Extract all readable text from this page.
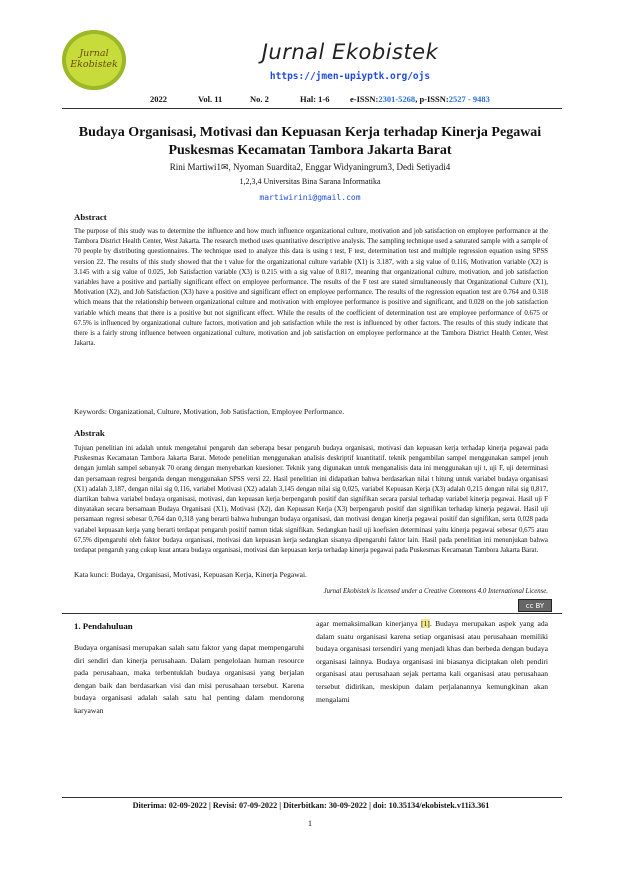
Jurnal
Ekobistek
Jurnal Ekobistek
https://jmen-upiyptk.org/ojs
2022	Vol. 11	No. 2	Hal: 1-6	e-ISSN:2301-5268, p-ISSN:2527 - 9483
Budaya Organisasi, Motivasi dan Kepuasan Kerja terhadap Kinerja Pegawai Puskesmas Kecamatan Tambora Jakarta Barat
Rini Martiwi1✉, Nyoman Suardita2, Enggar Widyaningrum3, Dedi Setiyadi4
1,2,3,4 Universitas Bina Sarana Informatika
martiwirini@gmail.com
Abstract
The purpose of this study was to determine the influence and how much influence organizational culture, motivation and job satisfaction on employee performance at the Tambora District Health Center, West Jakarta. The research method uses quantitative descriptive analysis. The sampling technique used a saturated sample with a sample of 70 people by distributing questionnaires. The technique used to analyze this data is using t test, F test, determination test and multiple regression equation using SPSS version 22. The results of this study showed that the t value for the organizational culture variable (X1) is 3.187, with a sig value of 0.116, Motivation variable (X2) is 3.145 with a sig value of 0.025, Job Satisfaction variable (X3) is 0.215 with a sig value of 0.817, meaning that organizational culture, motivation, and job satisfaction variables have a positive and partially significant effect on employee performance. The results of the F test are stated simultaneously that Organizational Culture (X1), Motivation (X2), and Job Satisfaction (X3) have a positive and significant effect on employee performance. The results of the regression equation test are 0.764 and 0.318 which means that the relationship between organizational culture and motivation with employee performance is positive and significant, and 0.028 on the job satisfaction variable which means that there is a positive but not significant effect. While the results of the coefficient of determination test are employee performance of 0.675 or 67.5% is influenced by organizational culture factors, motivation and job satisfaction while the rest is influenced by other factors. The results of this study indicate that there is a fairly strong influence between organizational culture, motivation and job satisfaction on employee performance at the Tambora District Health Center, West Jakarta.
Keywords: Organizational, Culture, Motivation, Job Satisfaction, Employee Performance.
Abstrak
Tujuan penelitian ini adalah untuk mengetahui pengaruh dan seberapa besar pengaruh budaya organisasi, motivasi dan kepuasan kerja terhadap kinerja pegawai pada Puskesmas Kecamatan Tambora Jakarta Barat. Metode penelitian menggunakan analisis deskriptif kuantitatif. teknik pengambilan sampel menggunakan sampel jenuh dengan jumlah sampel sebanyak 70 orang dengan menyebarkan kuesioner. Teknik yang digunakan untuk menganalisis data ini menggunakan uji t, uji F, uji determinasi dan persamaan regresi berganda dengan menggunakan SPSS versi 22. Hasil penelitian ini didapatkan bahwa berdasarkan nilai t hitung untuk variabel budaya organisasi (X1) adalah 3,187, dengan nilai sig 0,116, variabel Motivasi (X2) adalah 3,145 dengan nilai sig 0,025, variabel Kepuasan Kerja (X3) adalah 0,215 dengan nilai sig 0,817, diartikan bahwa variabel budaya organisasi, motivasi, dan kepuasan kerja berpengaruh positif dan signifikan secara parsial terhadap variabel kinerja pegawai. Hasil uji F dinyatakan secara bersamaan Budaya Organisasi (X1), Motivasi (X2), dan Kepuasan Kerja (X3) berpengaruh positif dan signifikan terhadap kinerja pegawai. Hasil uji persamaan regresi sebesar 0,764 dan 0,318 yang berarti bahwa hubungan budaya organisasi, dan motivasi dengan kinerja pegawai positif dan signifikan, serta 0,028 pada variabel kepuasan kerja yang berarti terdapat pengaruh positif namun tidak signifikan. Sedangkan hasil uji koefisien determinasi yaitu kinerja pegawai sebesar 0,675 atau 67,5% dipengaruhi oleh faktor budaya organisasi, motivasi dan kepuasan kerja sedangkan sisanya dipengaruhi faktor lain. Hasil pada penelitian ini menunjukan bahwa terdapat pengaruh yang cukup kuat antara budaya organisasi, motivasi dan kepuasan kerja terhadap kinerja pegawai pada Puskesmas Kecamatan Tambora Jakarta Barat.
Kata kunci: Budaya, Organisasi, Motivasi, Kepuasan Kerja, Kinerja Pegawai.
Jurnal Ekobistek is licensed under a Creative Commons 4.0 International License.
cc BY
1. Pendahuluan
Budaya organisasi merupakan salah satu faktor yang dapat mempengaruhi diri sendiri dan kinerja perusahaan. Dalam pengelolaan human resource pada perusahaan, maka terbentuklah budaya organisasi yang berjalan dengan baik dan berdasarkan visi dan misi perusahaan tersebut. Karena budaya organisasi adalah salah satu hal penting dalam mendorong karyawan
agar memaksimalkan kinerjanya [1]. Budaya merupakan aspek yang ada dalam suatu organisasi karena setiap organisasi atau perusahaan memiliki budaya organisasi tersendiri yang menjadi khas dan berbeda dengan budaya organisasi lainnya. Budaya organisasi ini biasanya diciptakan oleh pendiri organisasi atau perusahaan sejak pertama kali organisasi atau perusahaan tersebut didirikan, meskipun dalam perjalanannya kemungkinan akan mengalami
Diterima: 02-09-2022 | Revisi: 07-09-2022 | Diterbitkan: 30-09-2022 | doi: 10.35134/ekobistek.v11i3.361
1
